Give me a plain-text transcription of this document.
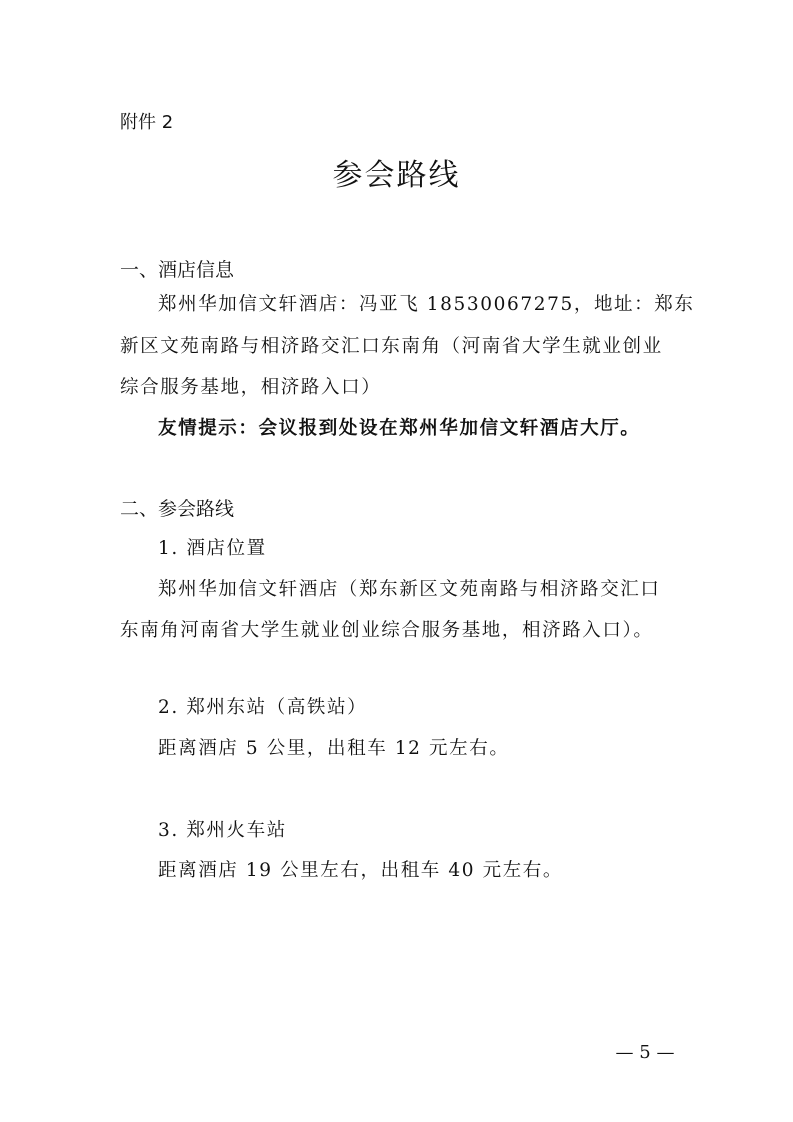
附件 2
参会路线
一、酒店信息
郑州华加信文轩酒店：冯亚飞 18530067275，地址：郑东
新区文苑南路与相济路交汇口东南角（河南省大学生就业创业
综合服务基地，相济路入口）
友情提示：会议报到处设在郑州华加信文轩酒店大厅。
二、参会路线
1. 酒店位置
郑州华加信文轩酒店（郑东新区文苑南路与相济路交汇口
东南角河南省大学生就业创业综合服务基地，相济路入口）。
2. 郑州东站（高铁站）
距离酒店 5 公里，出租车 12 元左右。
3. 郑州火车站
距离酒店 19 公里左右，出租车 40 元左右。
— 5 —
